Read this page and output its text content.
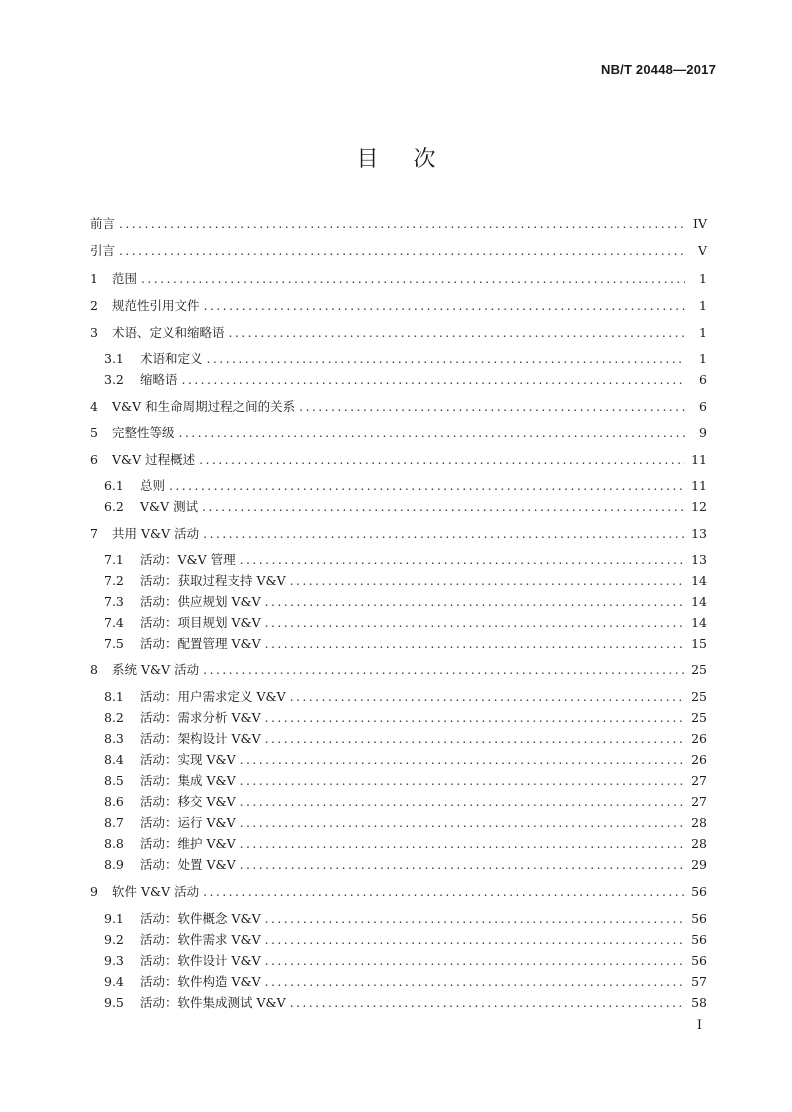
NB/T 20448—2017
目 次
前言 .....	IV
引言 .....	V
1	范围 .....	1
2	规范性引用文件 .....	1
3	术语、定义和缩略语 .....	1
3.1	术语和定义 .....	1
3.2	缩略语 .....	6
4	V&V 和生命周期过程之间的关系 .....	6
5	完整性等级 .....	9
6	V&V 过程概述 .....	11
6.1	总则 .....	11
6.2	V&V 测试 .....	12
7	共用 V&V 活动 .....	13
7.1	活动：V&V 管理 .....	13
7.2	活动：获取过程支持 V&V .....	14
7.3	活动：供应规划 V&V .....	14
7.4	活动：项目规划 V&V .....	14
7.5	活动：配置管理 V&V .....	15
8	系统 V&V 活动 .....	25
8.1	活动：用户需求定义 V&V .....	25
8.2	活动：需求分析 V&V .....	25
8.3	活动：架构设计 V&V .....	26
8.4	活动：实现 V&V .....	26
8.5	活动：集成 V&V .....	27
8.6	活动：移交 V&V .....	27
8.7	活动：运行 V&V .....	28
8.8	活动：维护 V&V .....	28
8.9	活动：处置 V&V .....	29
9	软件 V&V 活动 .....	56
9.1	活动：软件概念 V&V .....	56
9.2	活动：软件需求 V&V .....	56
9.3	活动：软件设计 V&V .....	56
9.4	活动：软件构造 V&V .....	57
9.5	活动：软件集成测试 V&V .....	58
I
